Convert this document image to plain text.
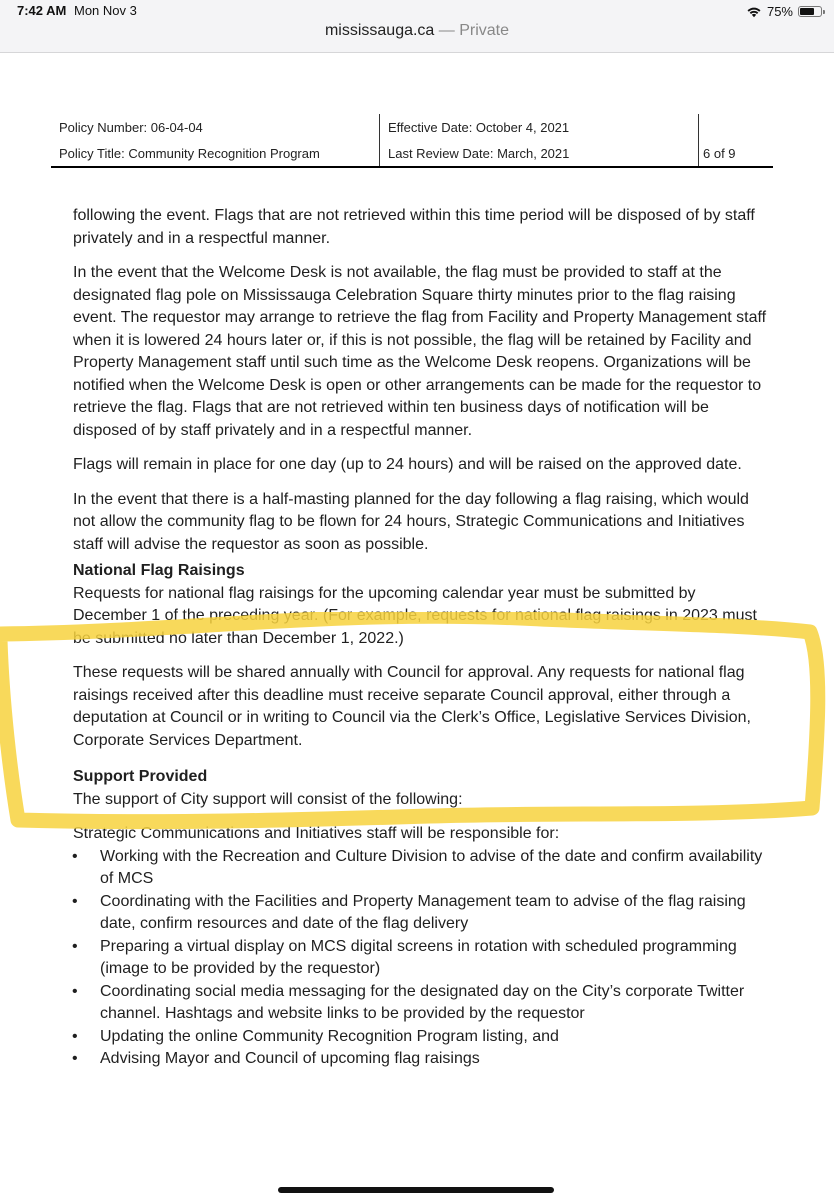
7:42 AM Mon Nov 3	75%
mississauga.ca — Private
Policy Number: 06-04-04	Effective Date: October 4, 2021	
Policy Title: Community Recognition Program	Last Review Date: March, 2021	6 of 9

following the event. Flags that are not retrieved within this time period will be disposed of by staff privately and in a respectful manner.

In the event that the Welcome Desk is not available, the flag must be provided to staff at the designated flag pole on Mississauga Celebration Square thirty minutes prior to the flag raising event. The requestor may arrange to retrieve the flag from Facility and Property Management staff when it is lowered 24 hours later or, if this is not possible, the flag will be retained by Facility and Property Management staff until such time as the Welcome Desk reopens. Organizations will be notified when the Welcome Desk is open or other arrangements can be made for the requestor to retrieve the flag. Flags that are not retrieved within ten business days of notification will be disposed of by staff privately and in a respectful manner.

Flags will remain in place for one day (up to 24 hours) and will be raised on the approved date.

In the event that there is a half-masting planned for the day following a flag raising, which would not allow the community flag to be flown for 24 hours, Strategic Communications and Initiatives staff will advise the requestor as soon as possible.

National Flag Raisings

Requests for national flag raisings for the upcoming calendar year must be submitted by December 1 of the preceding year. (For example, requests for national flag raisings in 2023 must be submitted no later than December 1, 2022.)

These requests will be shared annually with Council for approval. Any requests for national flag raisings received after this deadline must receive separate Council approval, either through a deputation at Council or in writing to Council via the Clerk’s Office, Legislative Services Division, Corporate Services Department.

Support Provided

The support of City support will consist of the following:

Strategic Communications and Initiatives staff will be responsible for:

• Working with the Recreation and Culture Division to advise of the date and confirm availability of MCS
• Coordinating with the Facilities and Property Management team to advise of the flag raising date, confirm resources and date of the flag delivery
• Preparing a virtual display on MCS digital screens in rotation with scheduled programming (image to be provided by the requestor)
• Coordinating social media messaging for the designated day on the City’s corporate Twitter channel. Hashtags and website links to be provided by the requestor
• Updating the online Community Recognition Program listing, and
• Advising Mayor and Council of upcoming flag raisings
